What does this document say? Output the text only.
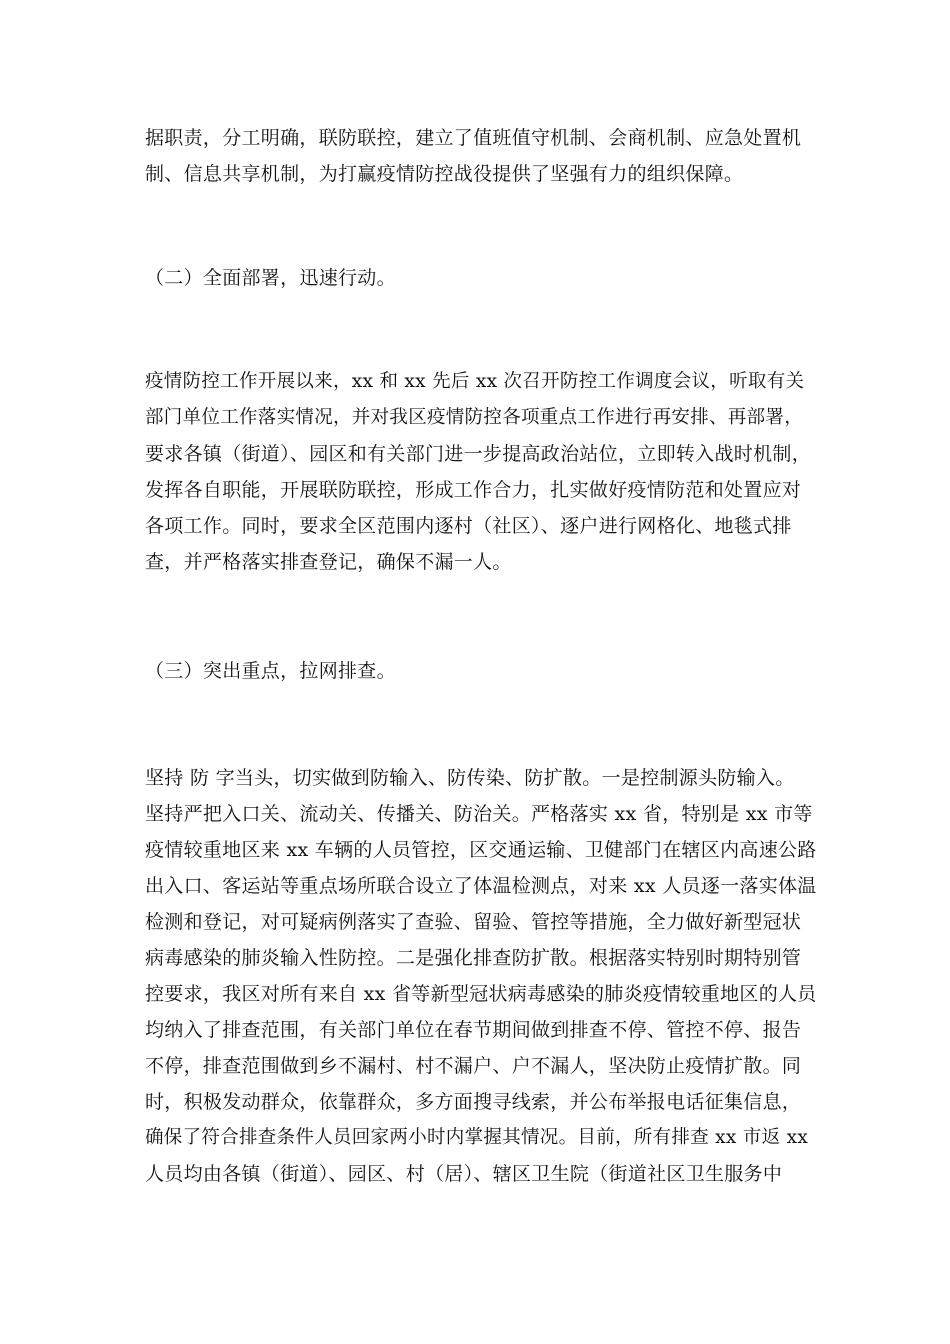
据职责，分工明确，联防联控，建立了值班值守机制、会商机制、应急处置机

制、信息共享机制，为打赢疫情防控战役提供了坚强有力的组织保障。

（二）全面部署，迅速行动。

疫情防控工作开展以来，xx 和 xx 先后 xx 次召开防控工作调度会议，听取有关

部门单位工作落实情况，并对我区疫情防控各项重点工作进行再安排、再部署，

要求各镇（街道）、园区和有关部门进一步提高政治站位，立即转入战时机制，

发挥各自职能，开展联防联控，形成工作合力，扎实做好疫情防范和处置应对

各项工作。同时，要求全区范围内逐村（社区）、逐户进行网格化、地毯式排

查，并严格落实排查登记，确保不漏一人。

（三）突出重点，拉网排查。

坚持 防 字当头，切实做到防输入、防传染、防扩散。一是控制源头防输入。

坚持严把入口关、流动关、传播关、防治关。严格落实 xx 省，特别是 xx 市等

疫情较重地区来 xx 车辆的人员管控，区交通运输、卫健部门在辖区内高速公路

出入口、客运站等重点场所联合设立了体温检测点，对来 xx 人员逐一落实体温

检测和登记，对可疑病例落实了查验、留验、管控等措施，全力做好新型冠状

病毒感染的肺炎输入性防控。二是强化排查防扩散。根据落实特别时期特别管

控要求，我区对所有来自 xx 省等新型冠状病毒感染的肺炎疫情较重地区的人员

均纳入了排查范围，有关部门单位在春节期间做到排查不停、管控不停、报告

不停，排查范围做到乡不漏村、村不漏户、户不漏人，坚决防止疫情扩散。同

时，积极发动群众，依靠群众，多方面搜寻线索，并公布举报电话征集信息，

确保了符合排查条件人员回家两小时内掌握其情况。目前，所有排查 xx 市返 xx

人员均由各镇（街道）、园区、村（居）、辖区卫生院（街道社区卫生服务中
